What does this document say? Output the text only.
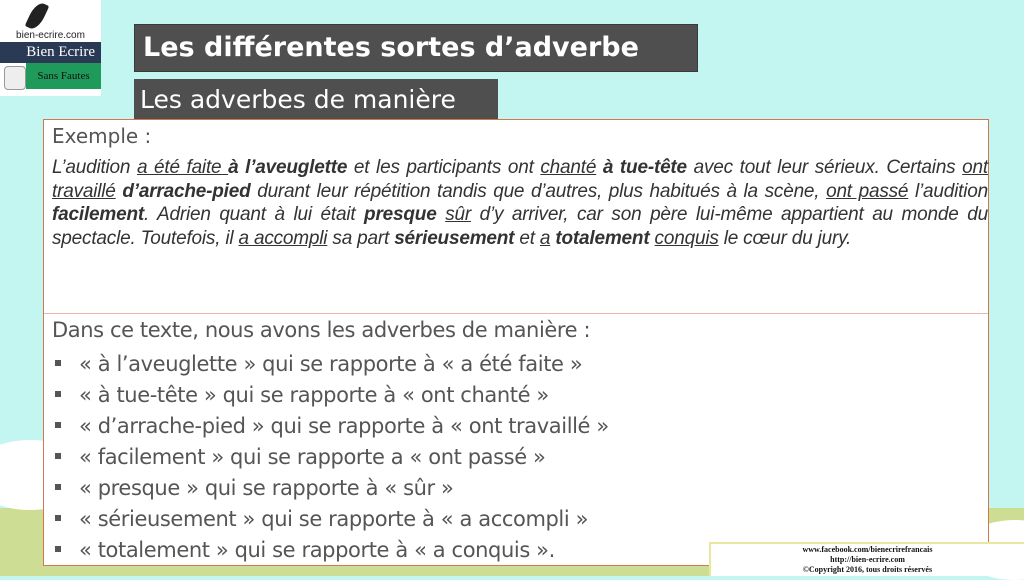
bien-ecrire.com
Bien Ecrire
Sans Fautes
Les différentes sortes d’adverbe
Les adverbes de manière
Exemple :
L’audition a été faite à l’aveuglette et les participants ont chanté à tue-tête avec tout leur sérieux. Certains ont travaillé d’arrache-pied durant leur répétition tandis que d’autres, plus habitués à la scène, ont passé l’audition facilement. Adrien quant à lui était presque sûr d’y arriver, car son père lui-même appartient au monde du spectacle. Toutefois, il a accompli sa part sérieusement et a totalement conquis le cœur du jury.
Dans ce texte, nous avons les adverbes de manière :
« à l’aveuglette » qui se rapporte à « a été faite »
« à tue-tête » qui se rapporte à « ont chanté »
« d’arrache-pied » qui se rapporte à « ont travaillé »
« facilement » qui se rapporte a « ont passé »
« presque » qui se rapporte à « sûr »
« sérieusement » qui se rapporte à « a accompli »
« totalement » qui se rapporte à « a conquis ».	www.facebook.com/bienecrirefrancais
http://bien-ecrire.com
©Copyright 2016, tous droits réservés
